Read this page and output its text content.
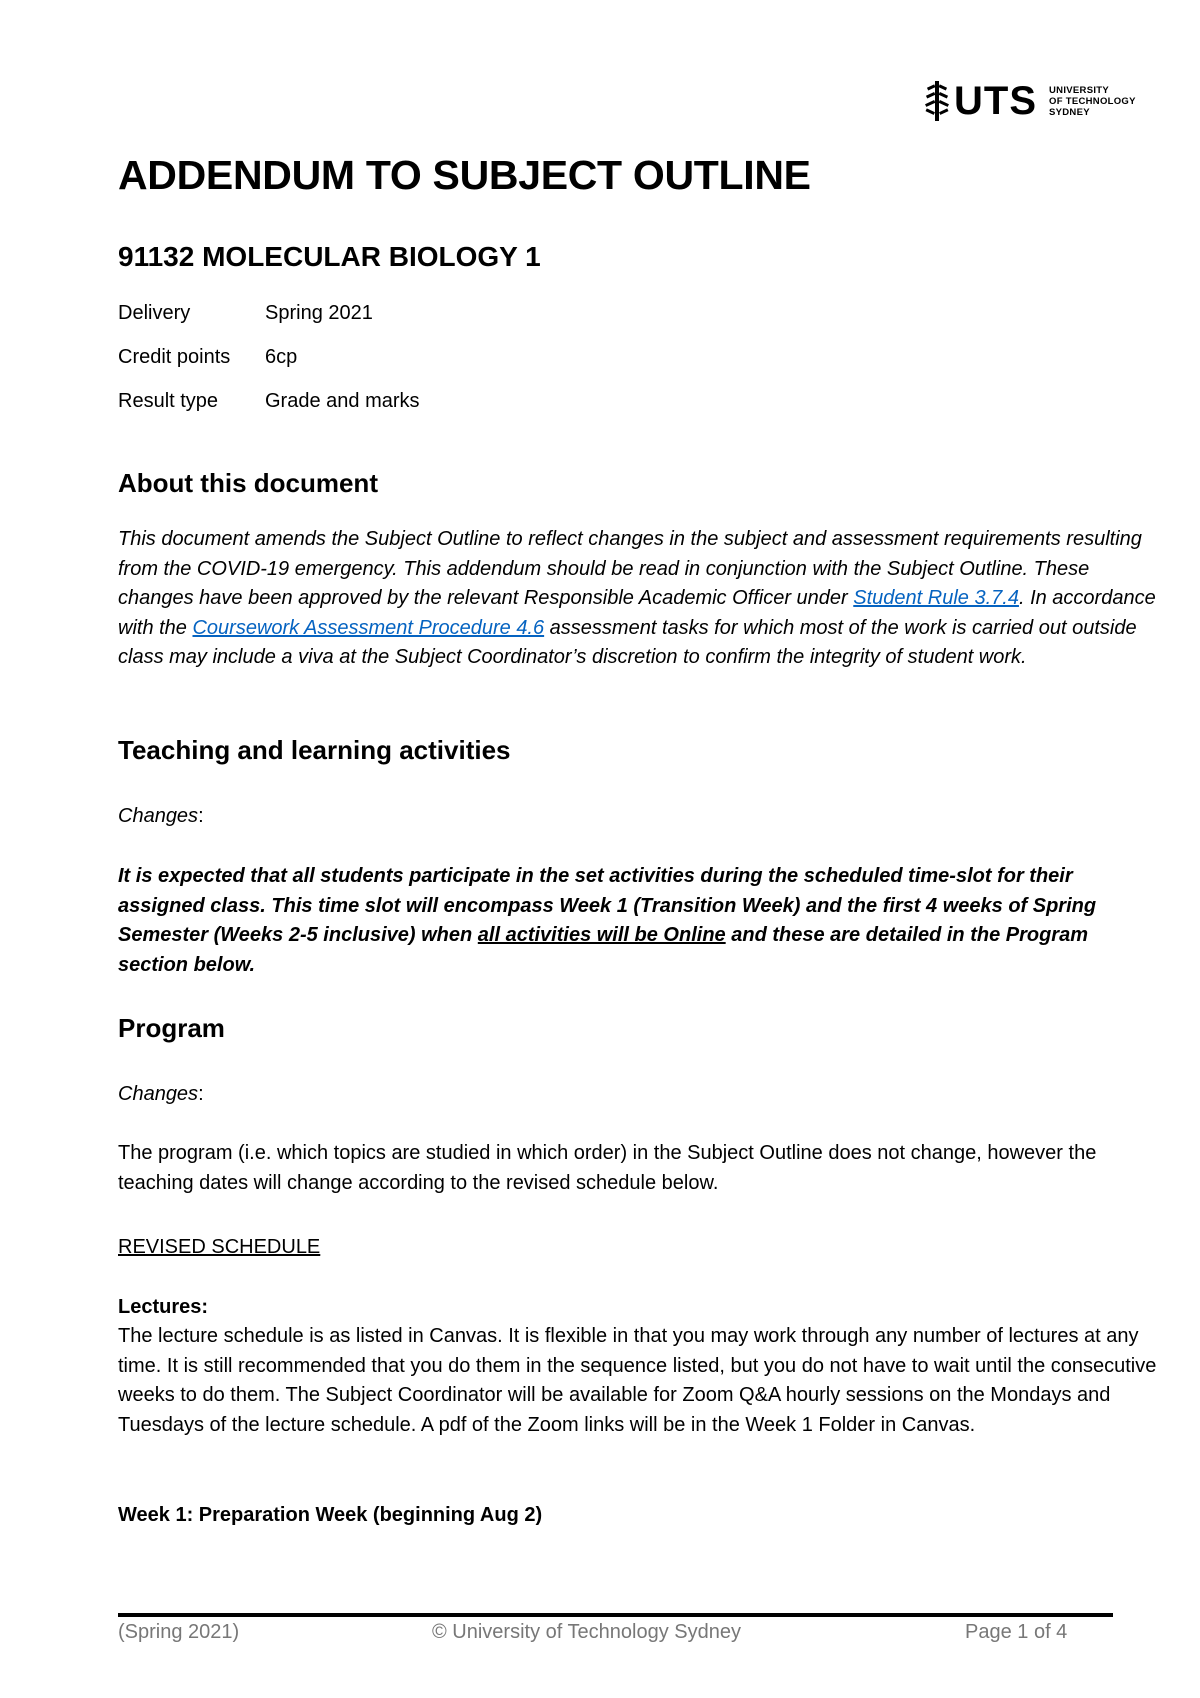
UTS UNIVERSITY
OF TECHNOLOGY
SYDNEY
ADDENDUM TO SUBJECT OUTLINE
91132 MOLECULAR BIOLOGY 1
Delivery	Spring 2021
Credit points	6cp
Result type	Grade and marks
About this document

This document amends the Subject Outline to reflect changes in the subject and assessment requirements resulting from the COVID-19 emergency. This addendum should be read in conjunction with the Subject Outline. These changes have been approved by the relevant Responsible Academic Officer under Student Rule 3.7.4. In accordance with the Coursework Assessment Procedure 4.6 assessment tasks for which most of the work is carried out outside class may include a viva at the Subject Coordinator’s discretion to confirm the integrity of student work.

Teaching and learning activities
Changes:

It is expected that all students participate in the set activities during the scheduled time-slot for their assigned class. This time slot will encompass Week 1 (Transition Week) and the first 4 weeks of Spring Semester (Weeks 2-5 inclusive) when all activities will be Online and these are detailed in the Program section below.

Program
Changes:

The program (i.e. which topics are studied in which order) in the Subject Outline does not change, however the teaching dates will change according to the revised schedule below.

REVISED SCHEDULE
Lectures:

The lecture schedule is as listed in Canvas. It is flexible in that you may work through any number of lectures at any time. It is still recommended that you do them in the sequence listed, but you do not have to wait until the consecutive weeks to do them. The Subject Coordinator will be available for Zoom Q&A hourly sessions on the Mondays and Tuesdays of the lecture schedule. A pdf of the Zoom links will be in the Week 1 Folder in Canvas.

Week 1: Preparation Week (beginning Aug 2)
(Spring 2021)	© University of Technology Sydney	Page 1 of 4
